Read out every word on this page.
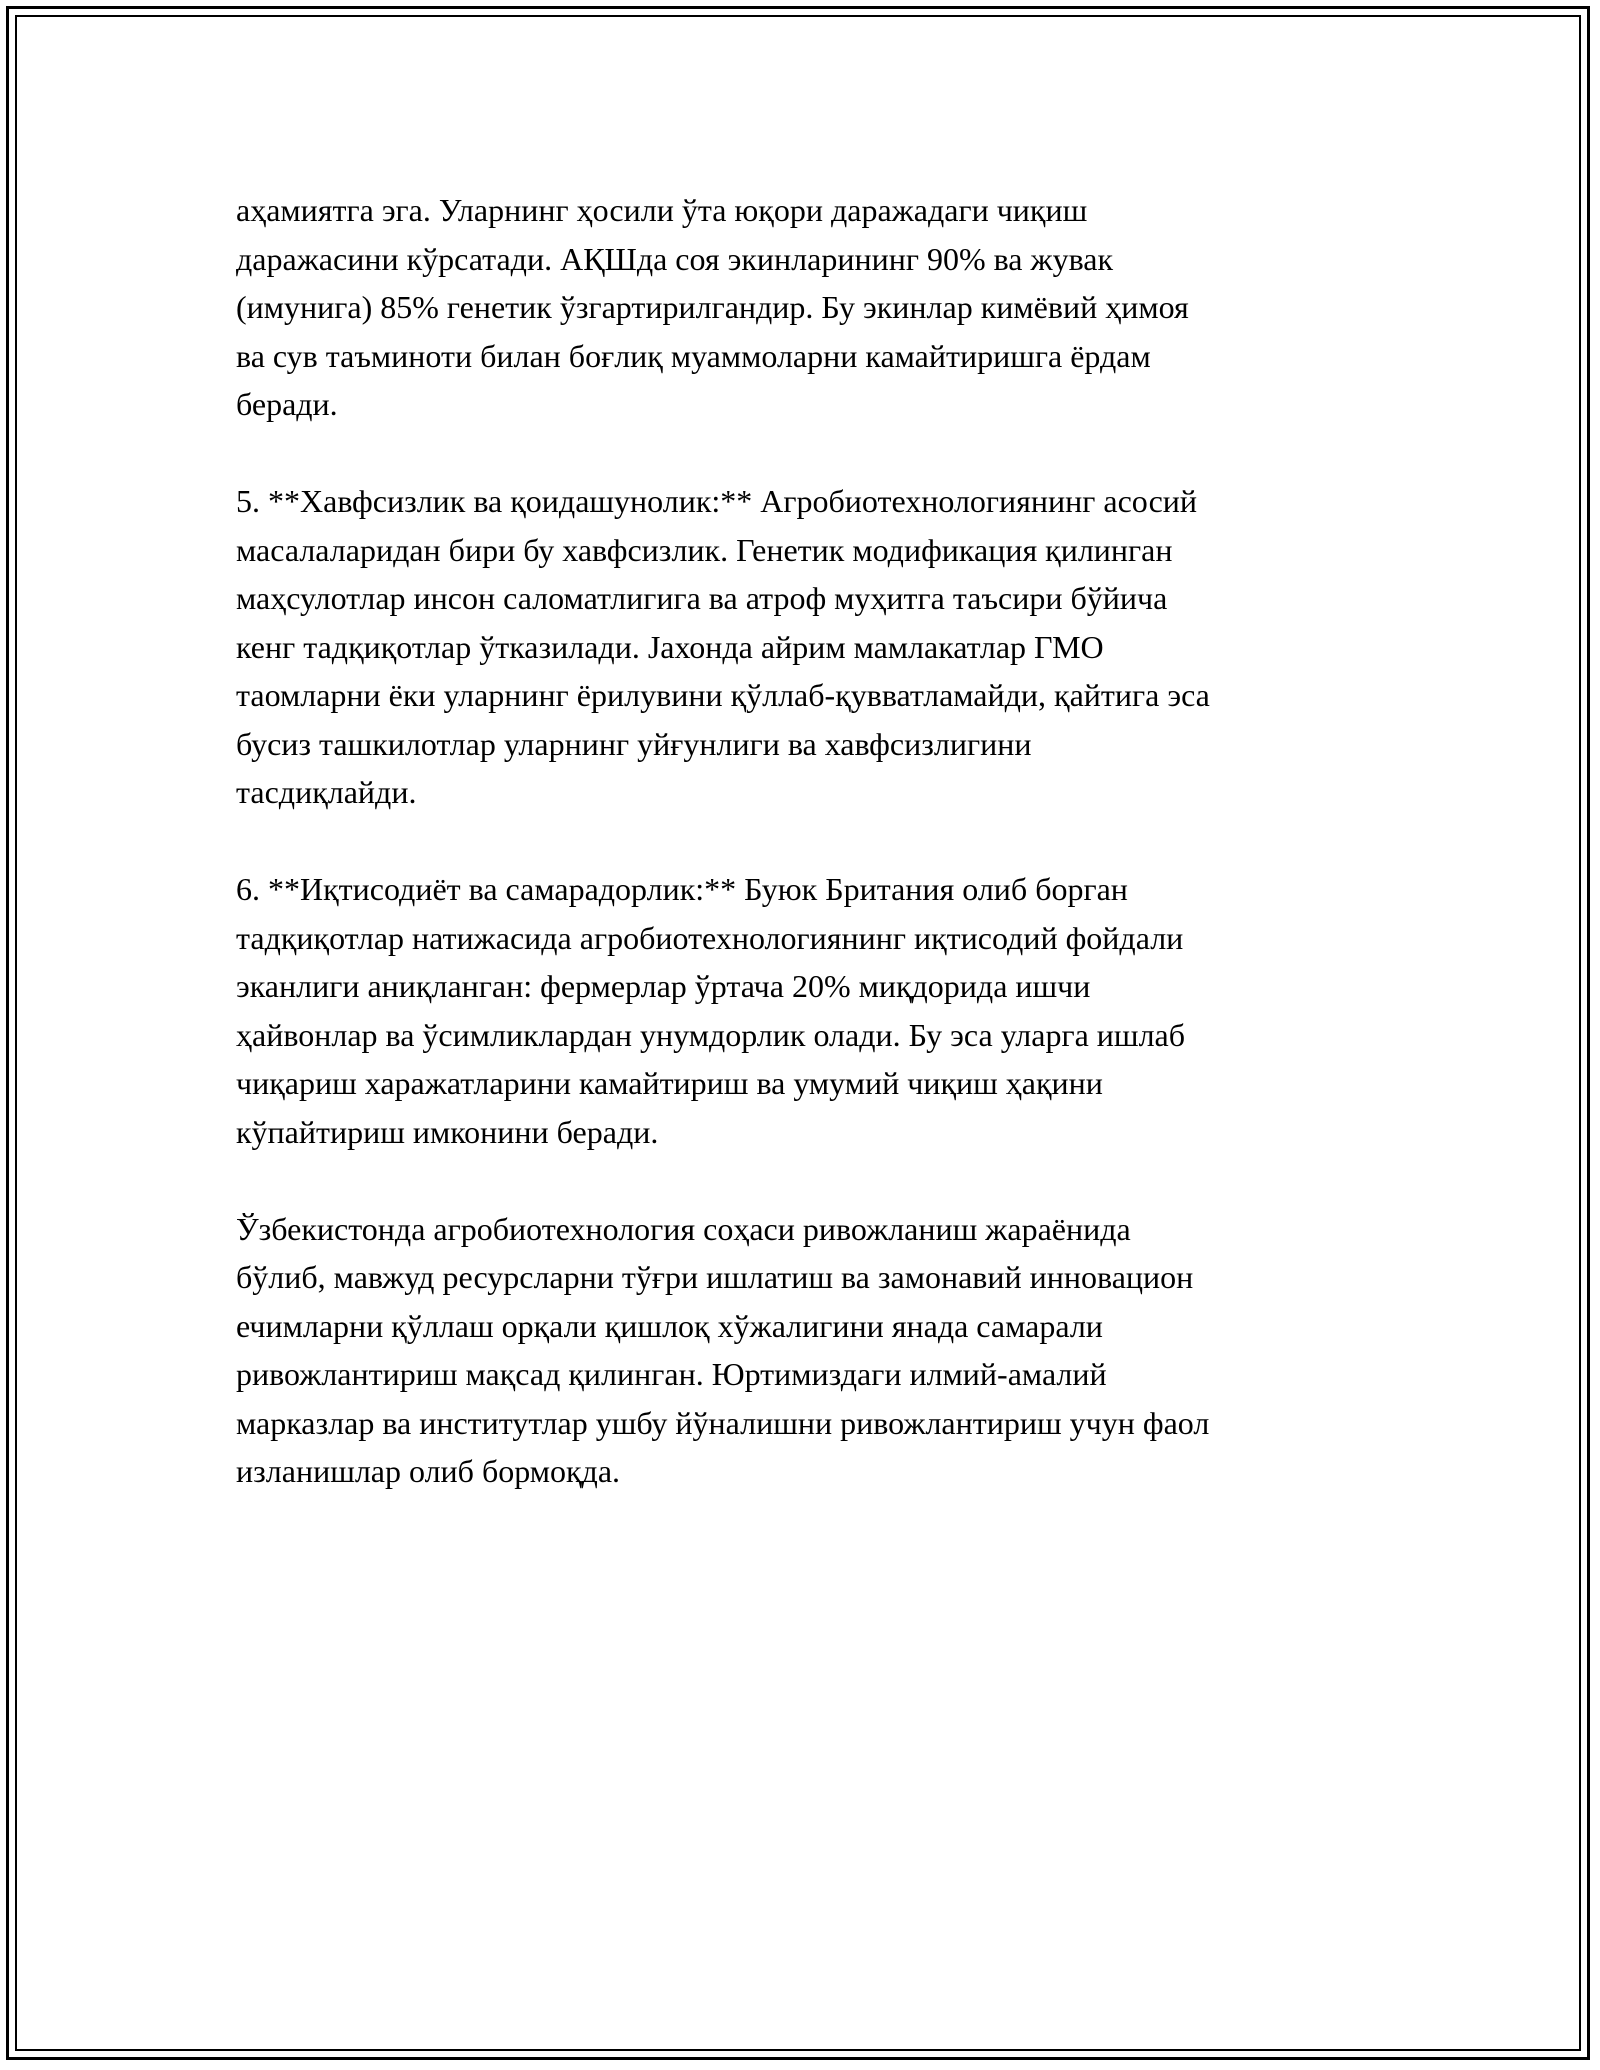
аҳамиятга эга. Уларнинг ҳосили ўта юқори даражадаги чиқиш
даражасини кўрсатади. АҚШда соя экинларининг 90% ва жувак
(имунига) 85% генетик ўзгартирилгандир. Бу экинлар кимёвий ҳимоя
ва сув таъминоти билан боғлиқ муаммоларни камайтиришга ёрдам
беради.

5. **Хавфсизлик ва қоидашунолик:** Агробиотехнологиянинг асосий
масалаларидан бири бу хавфсизлик. Генетик модификация қилинган
маҳсулотлар инсон саломатлигига ва атроф муҳитга таъсири бўйича
кенг тадқиқотлар ўтказилади. Јахонда айрим мамлакатлар ГМО
таомларни ёки уларнинг ёрилувини қўллаб-қувватламайди, қайтига эса
бусиз ташкилотлар уларнинг уйғунлиги ва хавфсизлигини
тасдиқлайди.

6. **Иқтисодиёт ва самарадорлик:** Буюк Британия олиб борган
тадқиқотлар натижасида агробиотехнологиянинг иқтисодий фойдали
эканлиги аниқланган: фермерлар ўртача 20% миқдорида ишчи
ҳайвонлар ва ўсимликлардан унумдорлик олади. Бу эса уларга ишлаб
чиқариш харажатларини камайтириш ва умумий чиқиш ҳақини
кўпайтириш имконини беради.

Ўзбекистонда агробиотехнология соҳаси ривожланиш жараёнида
бўлиб, мавжуд ресурсларни тўғри ишлатиш ва замонавий инновацион
ечимларни қўллаш орқали қишлоқ хўжалигини янада самарали
ривожлантириш мақсад қилинган. Юртимиздаги илмий-амалий
марказлар ва институтлар ушбу йўналишни ривожлантириш учун фаол
изланишлар олиб бормоқда.
